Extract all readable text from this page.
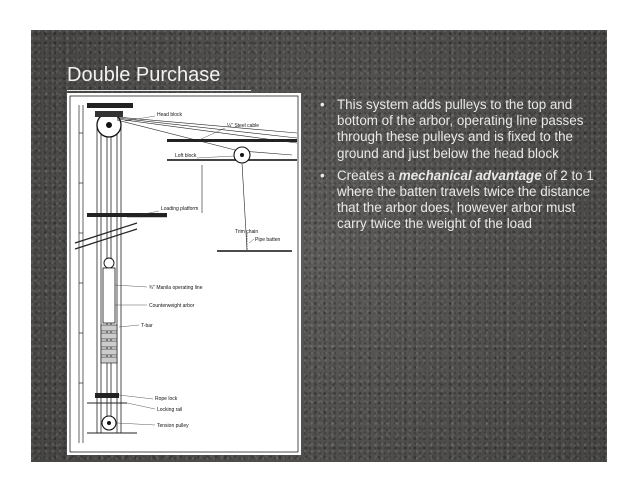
Double Purchase
Head block
¼" Steel cable
Loft block
Loading platform
Trim chain
Pipe batten
¾" Manila operating line
Counterweight arbor
T-bar
Rope lock
Locking rail
Tension pulley
• This system adds pulleys to the top and bottom of the arbor, operating line passes through these pulleys and is fixed to the ground and just below the head block
• Creates a mechanical advantage of 2 to 1 where the batten travels twice the distance that the arbor does, however arbor must carry twice the weight of the load
